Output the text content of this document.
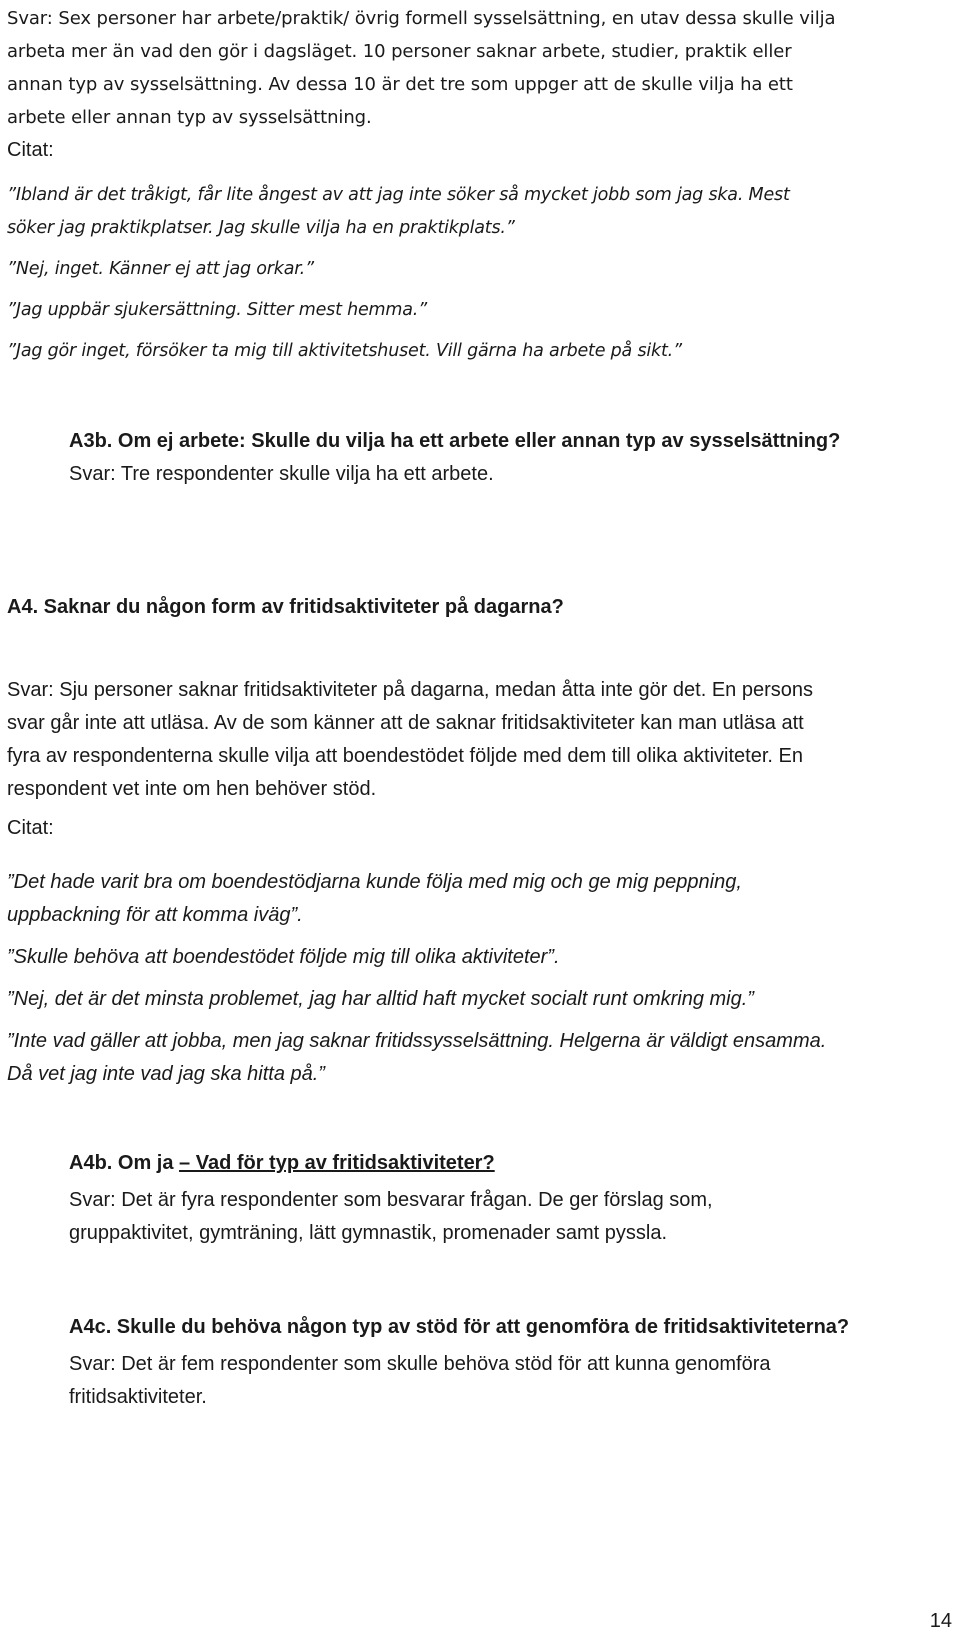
Svar: Sex personer har arbete/praktik/ övrig formell sysselsättning, en utav dessa skulle vilja

arbeta mer än vad den gör i dagsläget. 10 personer saknar arbete, studier, praktik eller

annan typ av sysselsättning. Av dessa 10 är det tre som uppger att de skulle vilja ha ett

arbete eller annan typ av sysselsättning.

Citat:

”Ibland är det tråkigt, får lite ångest av att jag inte söker så mycket jobb som jag ska. Mest

söker jag praktikplatser. Jag skulle vilja ha en praktikplats.”

”Nej, inget. Känner ej att jag orkar.”

”Jag uppbär sjukersättning. Sitter mest hemma.”

”Jag gör inget, försöker ta mig till aktivitetshuset. Vill gärna ha arbete på sikt.”

A3b. Om ej arbete: Skulle du vilja ha ett arbete eller annan typ av sysselsättning?

Svar: Tre respondenter skulle vilja ha ett arbete.

A4. Saknar du någon form av fritidsaktiviteter på dagarna?

Svar: Sju personer saknar fritidsaktiviteter på dagarna, medan åtta inte gör det. En persons

svar går inte att utläsa. Av de som känner att de saknar fritidsaktiviteter kan man utläsa att

fyra av respondenterna skulle vilja att boendestödet följde med dem till olika aktiviteter. En

respondent vet inte om hen behöver stöd.

Citat:

”Det hade varit bra om boendestödjarna kunde följa med mig och ge mig peppning,

uppbackning för att komma iväg”.

”Skulle behöva att boendestödet följde mig till olika aktiviteter”.

”Nej, det är det minsta problemet, jag har alltid haft mycket socialt runt omkring mig.”

”Inte vad gäller att jobba, men jag saknar fritidssysselsättning. Helgerna är väldigt ensamma.

Då vet jag inte vad jag ska hitta på.”

A4b. Om ja – Vad för typ av fritidsaktiviteter?

Svar: Det är fyra respondenter som besvarar frågan. De ger förslag som,

gruppaktivitet, gymträning, lätt gymnastik, promenader samt pyssla.

A4c. Skulle du behöva någon typ av stöd för att genomföra de fritidsaktiviteterna?

Svar: Det är fem respondenter som skulle behöva stöd för att kunna genomföra

fritidsaktiviteter.

14
